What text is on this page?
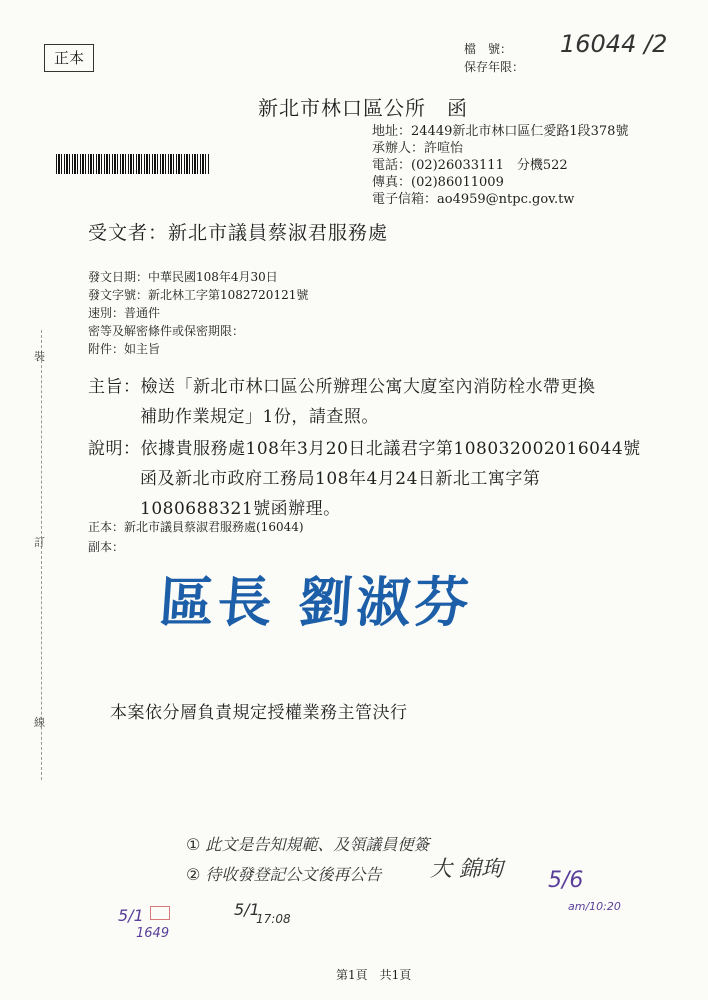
正本	檔　號：
保存年限：
16044 /2
新北市林口區公所　函
地址：24449新北市林口區仁愛路1段378號
承辦人：許喧怡
電話：(02)26033111　分機522
傳真：(02)86011009
電子信箱：ao4959@ntpc.gov.tw
受文者：新北市議員蔡淑君服務處
發文日期：中華民國108年4月30日
發文字號：新北林工字第1082720121號
速別：普通件
密等及解密條件或保密期限：
附件：如主旨
主旨：檢送「新北市林口區公所辦理公寓大廈室內消防栓水帶更換
補助作業規定」1份，請查照。
說明：依據貴服務處108年3月20日北議君字第1080320020160​44號
函及新北市政府工務局108年4月24日新北工寓字第
1080688321號函辦理。
正本：新北市議員蔡淑君服務處(16044)
副本：
區長 劉淑芬
本案依分層負責規定授權業務主管決行
① 此文是告知規範、及領議員便簽
② 待收發登記公文後再公告 大 錦珣 5/6
am/10:20
5/1
1649
5/1
17:08
裝
訂
線
第1頁　共1頁
